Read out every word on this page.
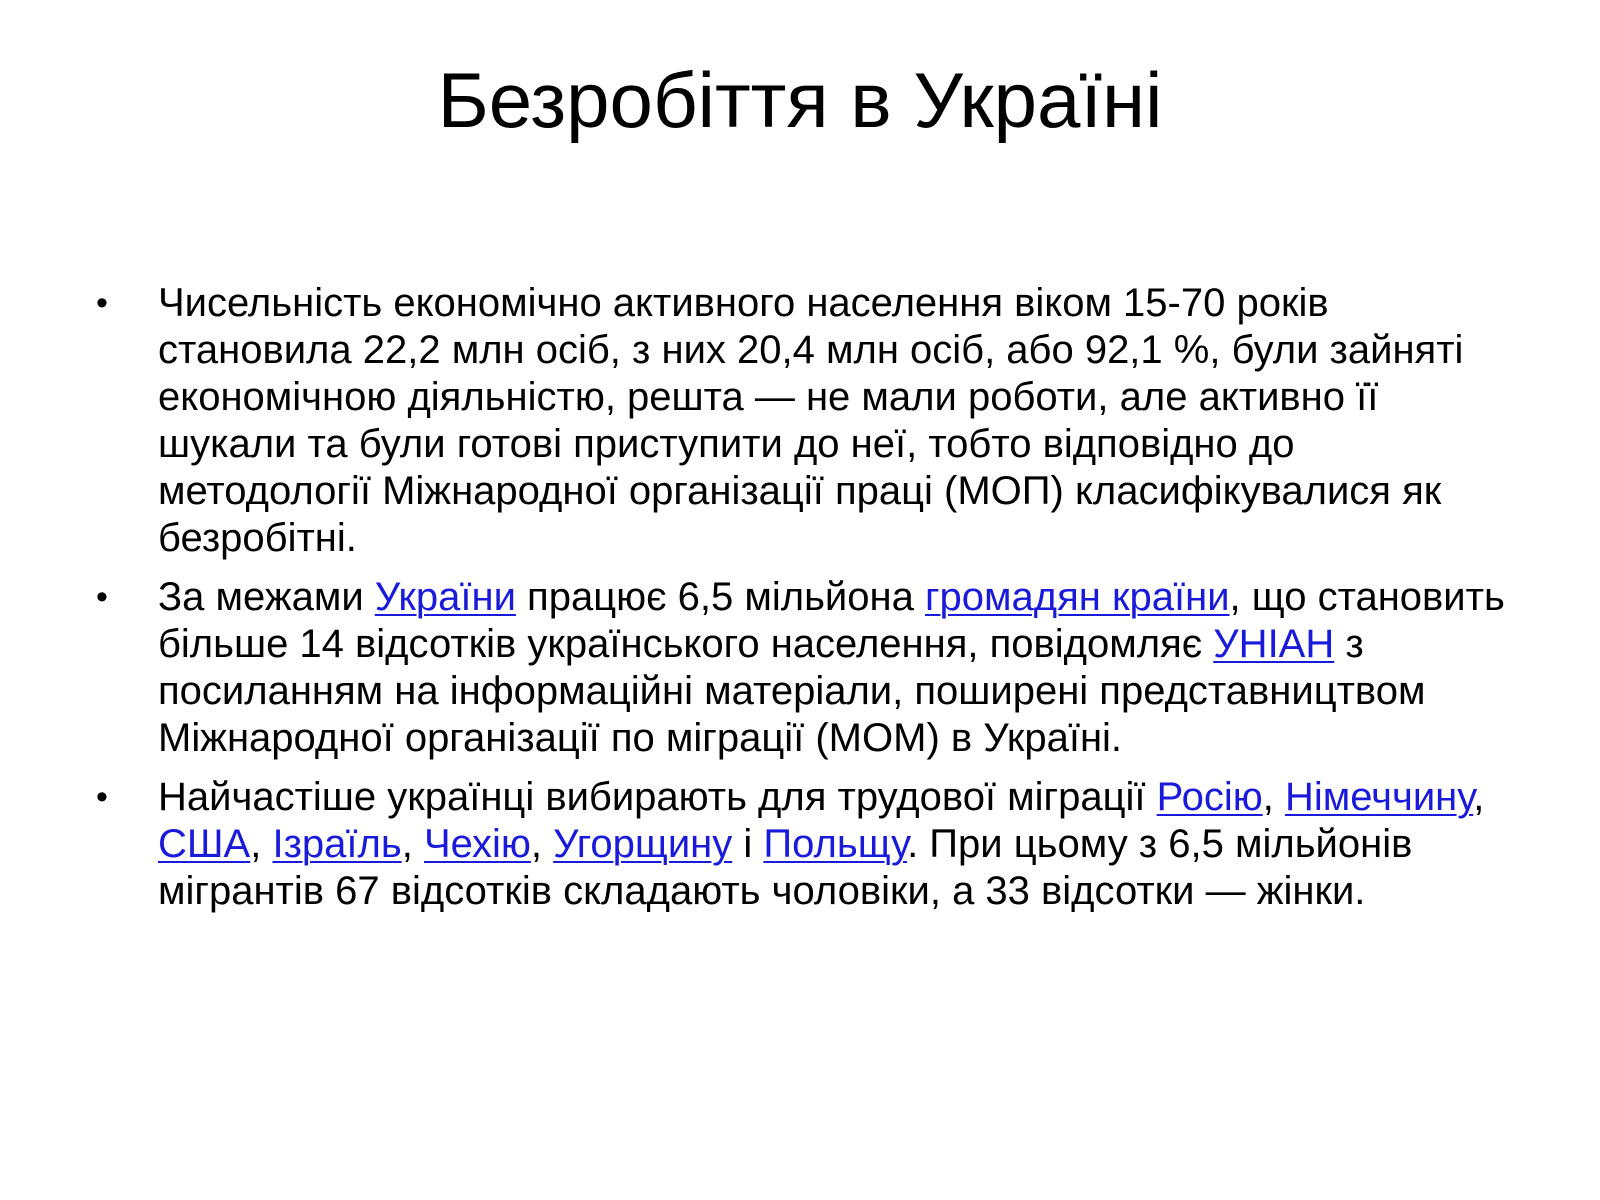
Безробіття в Україні
•	Чисельність економічно активного населення віком 15-70 років становила 22,2 млн осіб, з них 20,4 млн осіб, або 92,1 %, були зайняті економічною діяльністю, решта — не мали роботи, але активно її шукали та були готові приступити до неї, тобто відповідно до методології Міжнародної організації праці (МОП) класифікувалися як безробітні.
•	За межами України працює 6,5 мільйона громадян країни, що становить більше 14 відсотків українського населення, повідомляє УНІАН з посиланням на інформаційні матеріали, поширені представництвом Міжнародної організації по міграції (МОМ) в Україні.
•	Найчастіше українці вибирають для трудової міграції Росію, Німеччину, США, Ізраїль, Чехію, Угорщину і Польщу. При цьому з 6,5 мільйонів мігрантів 67 відсотків складають чоловіки, а 33 відсотки — жінки.
